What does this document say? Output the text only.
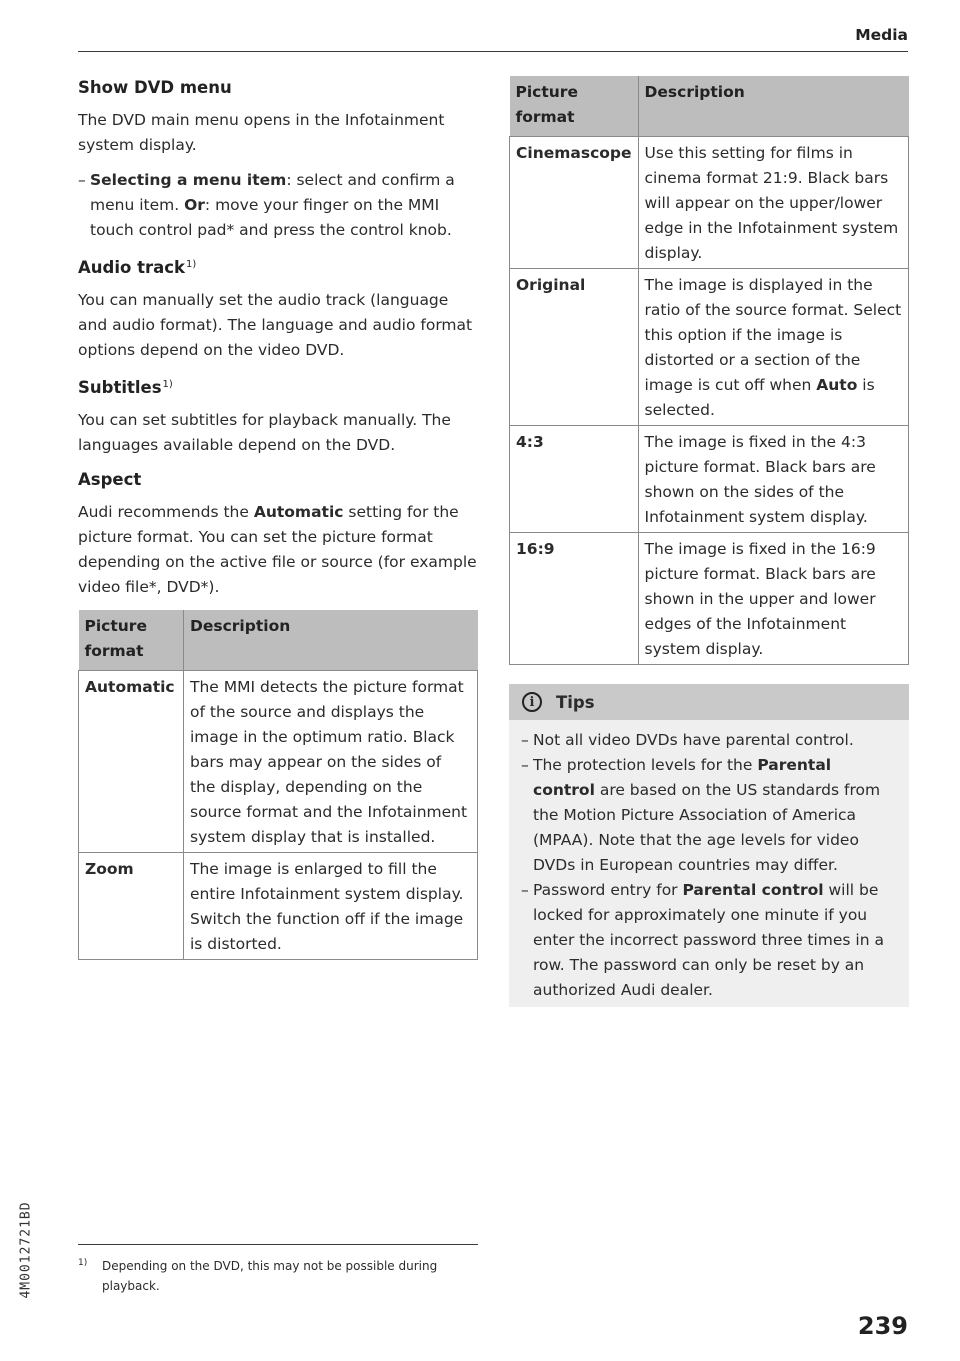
Media
Show DVD menu

The DVD main menu opens in the Infotainment system display.

– Selecting a menu item: select and confirm a menu item. Or: move your finger on the MMI touch control pad* and press the control knob.
Audio track$^{1)}$

You can manually set the audio track (language and audio format). The language and audio format options depend on the video DVD.

Subtitles$^{1)}$

You can set subtitles for playback manually. The languages available depend on the DVD.

Aspect

Audi recommends the Automatic setting for the picture format. You can set the picture format depending on the active file or source (for example video file*, DVD*).

Picture format	Description
Automatic	The MMI detects the picture format of the source and displays the image in the optimum ratio. Black bars may appear on the sides of the display, depending on the source format and the Infotainment system display that is installed.
Zoom	The image is enlarged to fill the entire Infotainment system display. Switch the function off if the image is distorted.
Picture format	Description
Cinemascope	Use this setting for films in cinema format 21:9. Black bars will appear on the upper/lower edge in the Infotainment system display.
Original	The image is displayed in the ratio of the source format. Select this option if the image is distorted or a section of the image is cut off when Auto is selected.
4:3	The image is fixed in the 4:3 picture format. Black bars are shown on the sides of the Infotainment system display.
16:9	The image is fixed in the 16:9 picture format. Black bars are shown in the upper and lower edges of the Infotainment system display.
i	Tips
– Not all video DVDs have parental control.
– The protection levels for the Parental control are based on the US standards from the Motion Picture Association of America (MPAA). Note that the age levels for video DVDs in European countries may differ.
– Password entry for Parental control will be locked for approximately one minute if you enter the incorrect password three times in a row. The password can only be reset by an authorized Audi dealer.
1)	Depending on the DVD, this may not be possible during playback.
4M0012721BD
239
